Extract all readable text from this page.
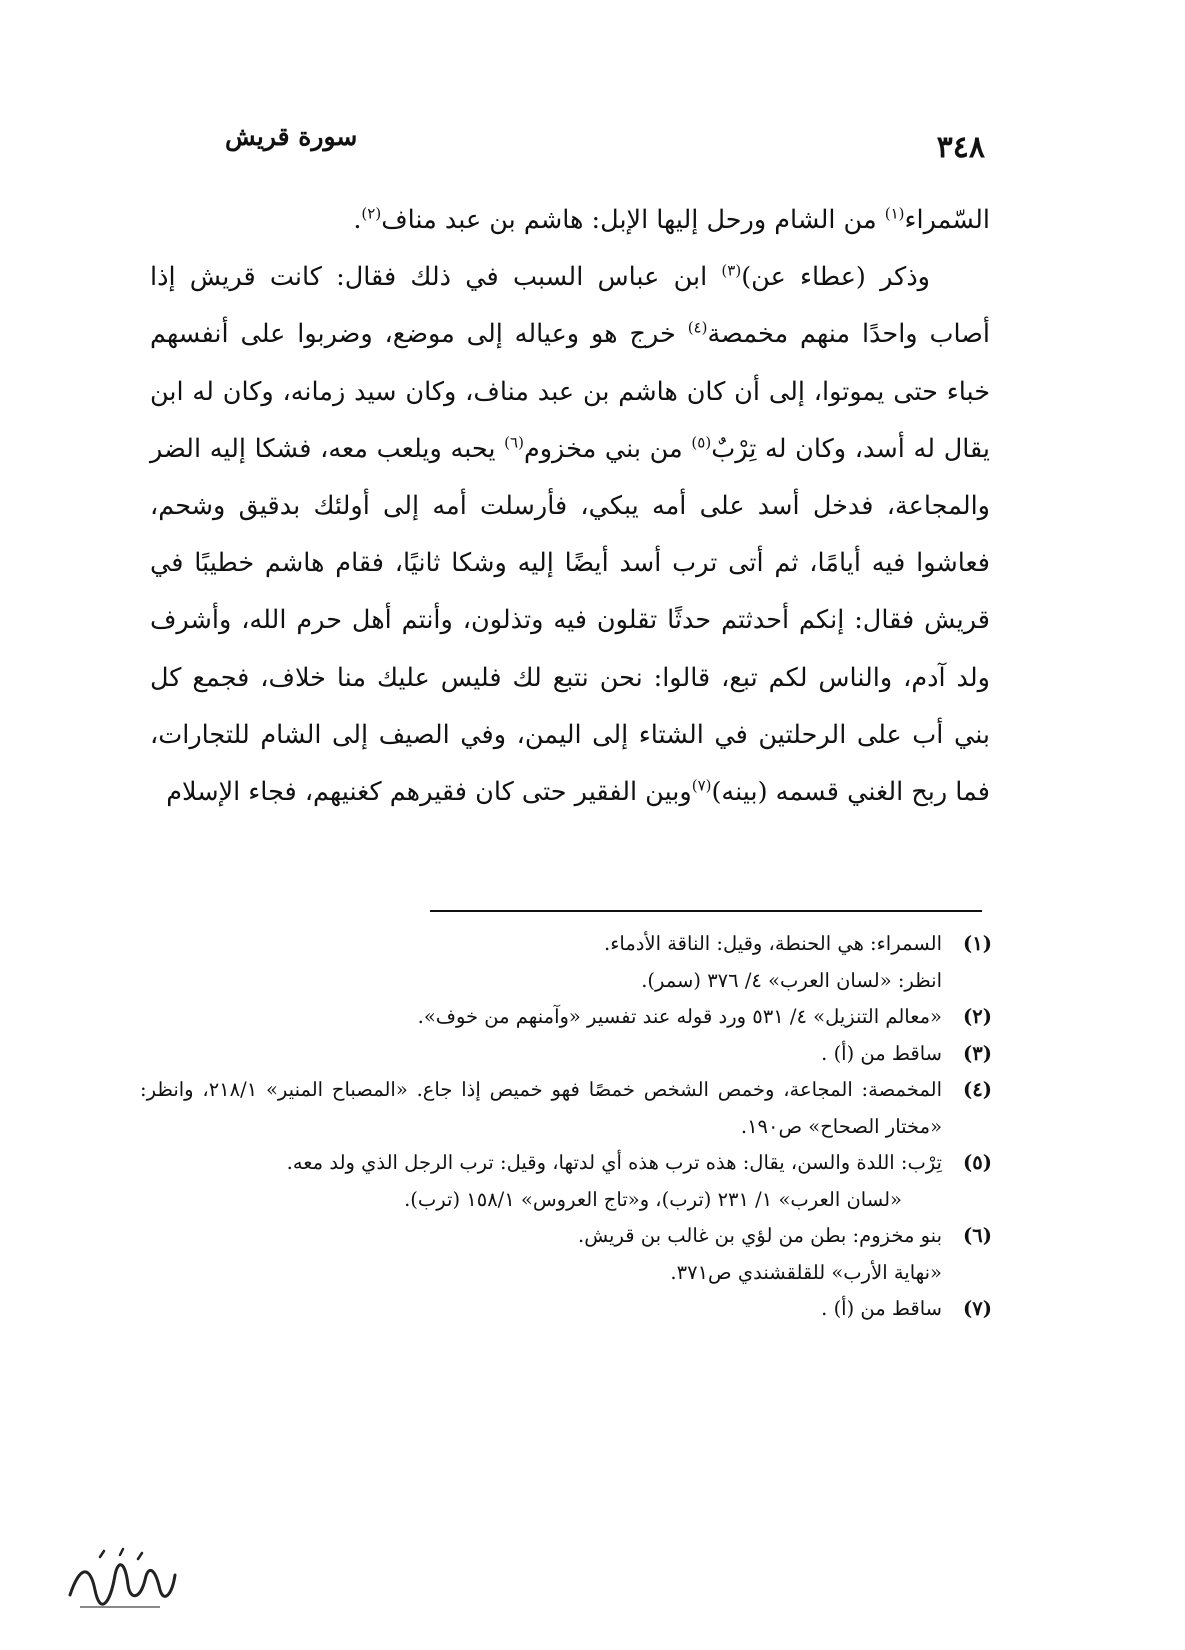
٣٤٨
سورة قريش

السّمراء$^{(١)}$ من الشام ورحل إليها الإبل: هاشم بن عبد مناف$^{(٢)}$.

وذكر (عطاء عن)$^{(٣)}$ ابن عباس السبب في ذلك فقال: كانت قريش إذا أصاب واحدًا منهم مخمصة$^{(٤)}$ خرج هو وعياله إلى موضع، وضربوا على أنفسهم خباء حتى يموتوا، إلى أن كان هاشم بن عبد مناف، وكان سيد زمانه، وكان له ابن يقال له أسد، وكان له تِرْبٌ$^{(٥)}$ من بني مخزوم$^{(٦)}$ يحبه ويلعب معه، فشكا إليه الضر والمجاعة، فدخل أسد على أمه يبكي، فأرسلت أمه إلى أولئك بدقيق وشحم، فعاشوا فيه أيامًا، ثم أتى ترب أسد أيضًا إليه وشكا ثانيًا، فقام هاشم خطيبًا في قريش فقال: إنكم أحدثتم حدثًا تقلون فيه وتذلون، وأنتم أهل حرم الله، وأشرف ولد آدم، والناس لكم تبع، قالوا: نحن نتبع لك فليس عليك منا خلاف، فجمع كل بني أب على الرحلتين في الشتاء إلى اليمن، وفي الصيف إلى الشام للتجارات، فما ربح الغني قسمه (بينه)$^{(٧)}$وبين الفقير حتى كان فقيرهم كغنيهم، فجاء الإسلام

(١)
السمراء: هي الحنطة، وقيل: الناقة الأدماء.
انظر: «لسان العرب» ٤/ ٣٧٦ (سمر).
(٢)
«معالم التنزيل» ٤/ ٥٣١ ورد قوله عند تفسير «وآمنهم من خوف».
(٣)
ساقط من (أ) .
(٤)
المخمصة: المجاعة، وخمص الشخص خمصًا فهو خميص إذا جاع. «المصباح المنير» ٢١٨/١، وانظر: «مختار الصحاح» ص١٩٠.
(٥)
تِرْب: اللدة والسن، يقال: هذه ترب هذه أي لدتها، وقيل: ترب الرجل الذي ولد معه.
«لسان العرب» ١/ ٢٣١ (ترب)، و«تاج العروس» ١٥٨/١ (ترب).
(٦)
بنو مخزوم: بطن من لؤي بن غالب بن قريش.
«نهاية الأرب» للقلقشندي ص٣٧١.
(٧)
ساقط من (أ) .
